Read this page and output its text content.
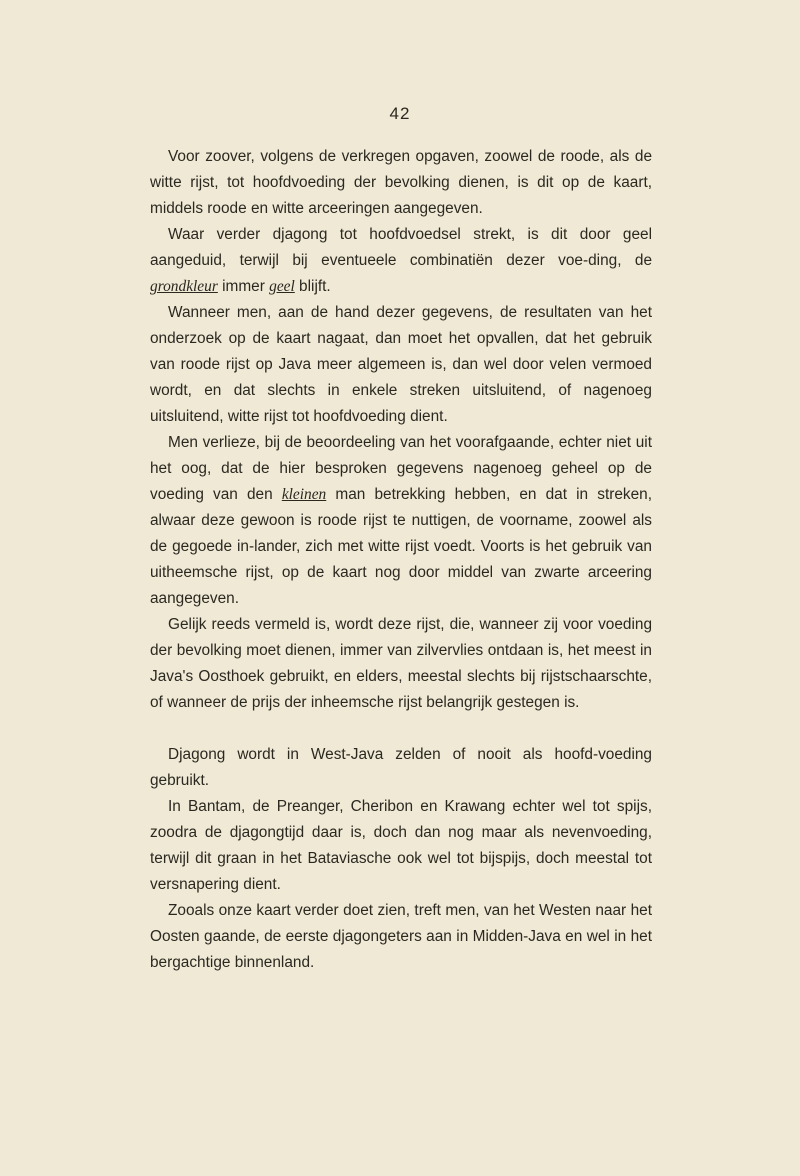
42

Voor zoover, volgens de verkregen opgaven, zoowel de roode, als de witte rijst, tot hoofdvoeding der bevolking dienen, is dit op de kaart, middels roode en witte arceeringen aangegeven.

Waar verder djagong tot hoofdvoedsel strekt, is dit door geel aangeduid, terwijl bij eventueele combinatiën dezer voe-ding, de grondkleur immer geel blijft.

Wanneer men, aan de hand dezer gegevens, de resultaten van het onderzoek op de kaart nagaat, dan moet het opvallen, dat het gebruik van roode rijst op Java meer algemeen is, dan wel door velen vermoed wordt, en dat slechts in enkele streken uitsluitend, of nagenoeg uitsluitend, witte rijst tot hoofdvoeding dient.

Men verlieze, bij de beoordeeling van het voorafgaande, echter niet uit het oog, dat de hier besproken gegevens nagenoeg geheel op de voeding van den kleinen man betrekking hebben, en dat in streken, alwaar deze gewoon is roode rijst te nuttigen, de voorname, zoowel als de gegoede in-lander, zich met witte rijst voedt. Voorts is het gebruik van uitheemsche rijst, op de kaart nog door middel van zwarte arceering aangegeven.

Gelijk reeds vermeld is, wordt deze rijst, die, wanneer zij voor voeding der bevolking moet dienen, immer van zilvervlies ontdaan is, het meest in Java's Oosthoek gebruikt, en elders, meestal slechts bij rijstschaarschte, of wanneer de prijs der inheemsche rijst belangrijk gestegen is.

Djagong wordt in West-Java zelden of nooit als hoofd-voeding gebruikt.

In Bantam, de Preanger, Cheribon en Krawang echter wel tot spijs, zoodra de djagongtijd daar is, doch dan nog maar als nevenvoeding, terwijl dit graan in het Bataviasche ook wel tot bijspijs, doch meestal tot versnapering dient.

Zooals onze kaart verder doet zien, treft men, van het Westen naar het Oosten gaande, de eerste djagongeters aan in Midden-Java en wel in het bergachtige binnenland.
